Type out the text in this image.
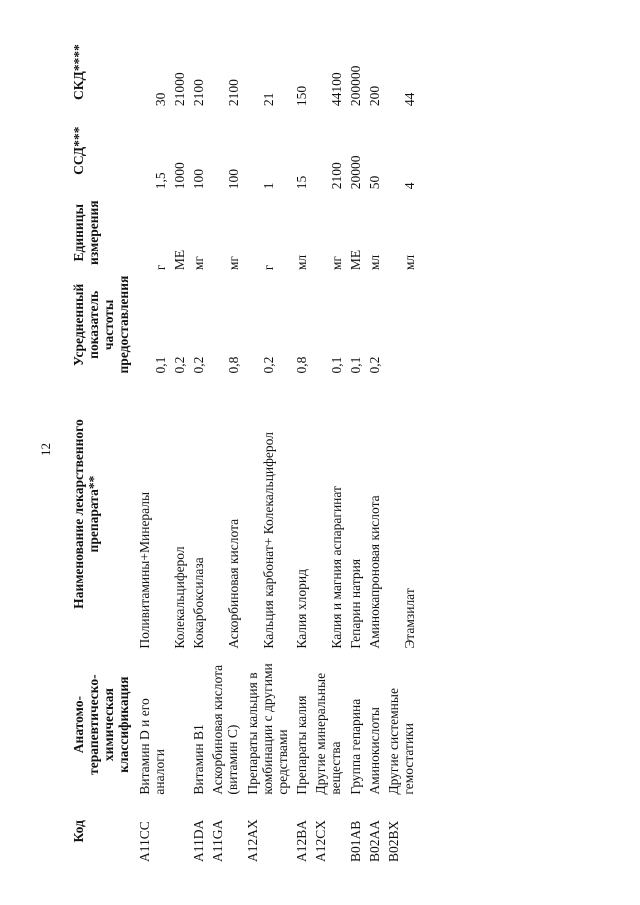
12
Код	Анатомо-терапевтическо-химическая классификация	Наименование лекарственного препарата**	Усредненный показатель частоты предоставления	Единицы измерения	ССД***	СКД****
A11CC	Витамин D и его аналоги	Поливитамины+Минералы	0,1	г	1,5	30
		Колекальциферол	0,2	МЕ	1000	21000
A11DA	Витамин B1	Кокарбоксилаза	0,2	мг	100	2100
A11GA	Аскорбиновая кислота (витамин С)	Аскорбиновая кислота	0,8	мг	100	2100
A12AX	Препараты кальция в комбинации с другими средствами	Кальция карбонат+ Колекальциферол	0,2	г	1	21
A12BA	Препараты калия	Калия хлорид	0,8	мл	15	150
A12CX	Другие минеральные вещества	Калия и магния аспарагинат	0,1	мг	2100	44100
B01AB	Группа гепарина	Гепарин натрия	0,1	МЕ	20000	200000
B02AA	Аминокислоты	Аминокапроновая кислота	0,2	мл	50	200
B02BX	Другие системные гемостатики	Этамзилат		мл	4	44
